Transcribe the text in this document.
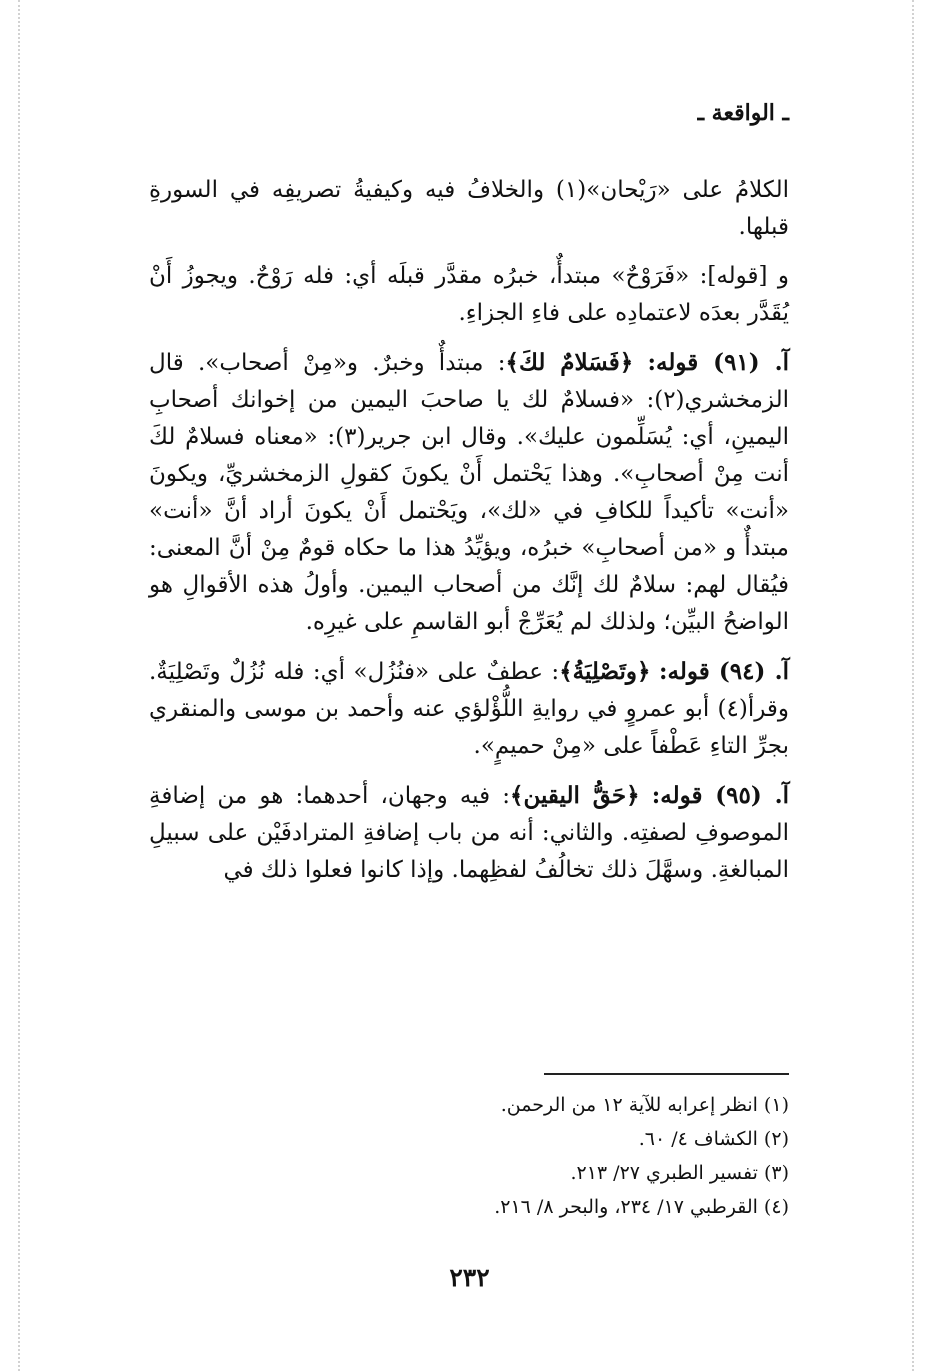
ـ الواقعة ـ

الكلامُ على «رَيْحان»(١) والخلافُ فيه وكيفيةُ تصريفِه في السورةِ قبلها.

و [قوله]: «فَرَوْحٌ» مبتدأٌ، خبرُه مقدَّر قبلَه أي: فله رَوْحٌ. ويجوزُ أَنْ يُقَدَّر بعدَه لاعتمادِه على فاءِ الجزاءِ.

آ. (٩١) قوله: ﴿فَسَلامٌ لكَ﴾: مبتدأٌ وخبرٌ. و«مِنْ أصحاب». قال الزمخشري(٢): «فسلامٌ لك يا صاحبَ اليمين من إخوانك أصحابِ اليمينِ، أي: يُسَلِّمون عليك». وقال ابن جرير(٣): «معناه فسلامٌ لكَ أنت مِنْ أصحابِ». وهذا يَحْتمل أَنْ يكونَ كقولِ الزمخشريِّ، ويكونَ «أنت» تأكيداً للكافِ في «لك»، ويَحْتمل أَنْ يكونَ أراد أنَّ «أنت» مبتدأٌ و «من أصحابِ» خبرُه، ويؤيِّدُ هذا ما حكاه قومٌ مِنْ أنَّ المعنى: فيُقال لهم: سلامٌ لك إنَّك من أصحاب اليمين. وأولُ هذه الأقوالِ هو الواضحُ البيِّن؛ ولذلك لم يُعَرِّجْ أبو القاسمِ على غيرِه.

آ. (٩٤) قوله: ﴿وتَصْلِيَةُ﴾: عطفٌ على «فنُزُل» أي: فله نُزُلٌ وتَصْلِيَةٌ. وقرأ(٤) أبو عمروٍ في روايةِ اللُّؤْلؤي عنه وأحمد بن موسى والمنقري بجرِّ التاءِ عَطْفاً على «مِنْ حميمٍ».

آ. (٩٥) قوله: ﴿حَقُّ اليقين﴾: فيه وجهان، أحدهما: هو من إضافةِ الموصوفِ لصفتِه. والثاني: أنه من باب إضافةِ المترادفَيْن على سبيلِ المبالغةِ. وسهَّلَ ذلك تخالُفُ لفظِهما. وإذا كانوا فعلوا ذلك في

(١) انظر إعرابه للآية ١٢ من الرحمن.

(٢) الكشاف ٤/ ٦٠.

(٣) تفسير الطبري ٢٧/ ٢١٣.

(٤) القرطبي ١٧/ ٢٣٤، والبحر ٨/ ٢١٦.

٢٣٢
